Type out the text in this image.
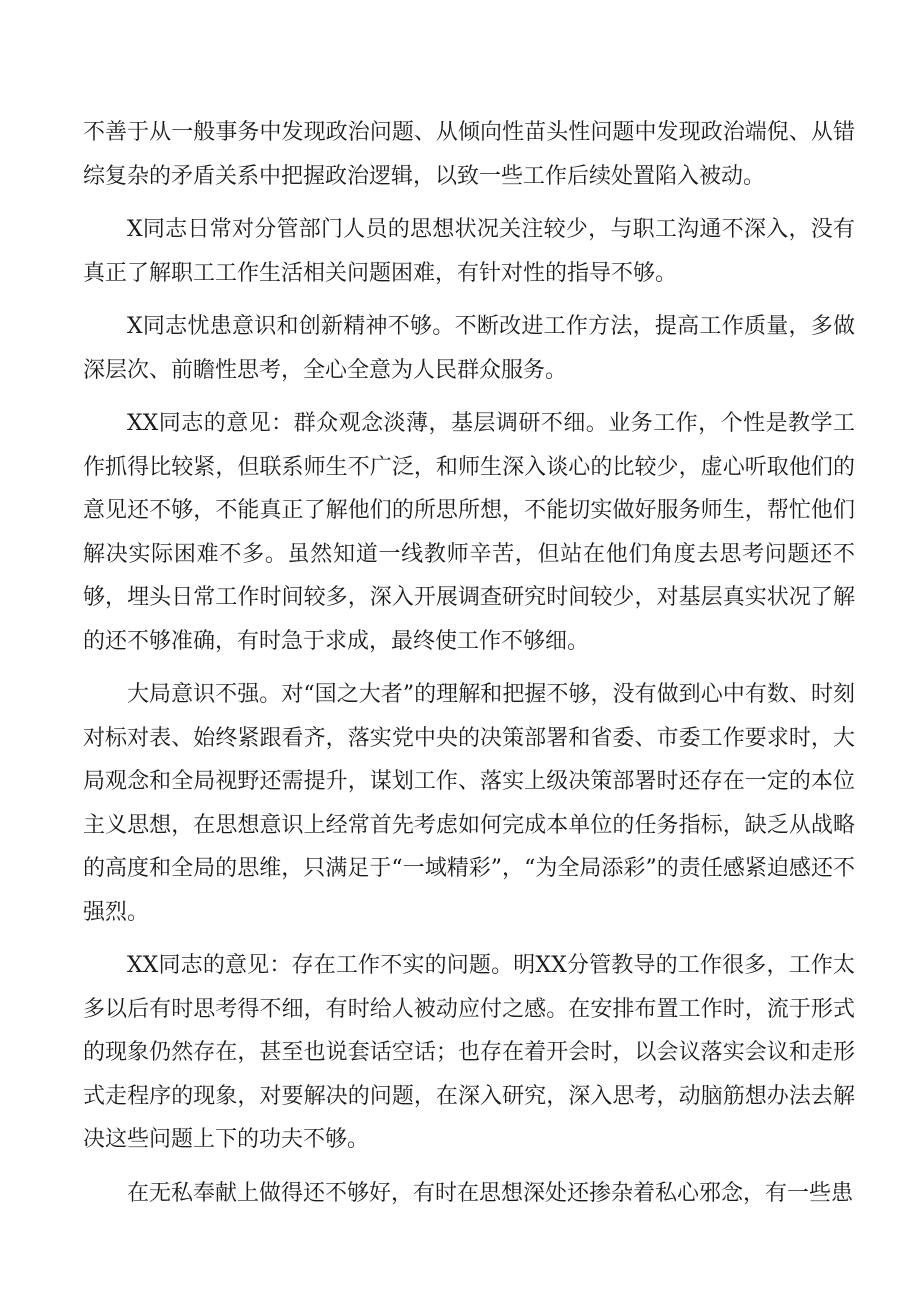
不善于从一般事务中发现政治问题、从倾向性苗头性问题中发现政治端倪、从错综复杂的矛盾关系中把握政治逻辑，以致一些工作后续处置陷入被动。

X同志日常对分管部门人员的思想状况关注较少，与职工沟通不深入，没有真正了解职工工作生活相关问题困难，有针对性的指导不够。

X同志忧患意识和创新精神不够。不断改进工作方法，提高工作质量，多做深层次、前瞻性思考，全心全意为人民群众服务。

XX同志的意见：群众观念淡薄，基层调研不细。业务工作，个性是教学工作抓得比较紧，但联系师生不广泛，和师生深入谈心的比较少，虚心听取他们的意见还不够，不能真正了解他们的所思所想，不能切实做好服务师生，帮忙他们解决实际困难不多。虽然知道一线教师辛苦，但站在他们角度去思考问题还不够，埋头日常工作时间较多，深入开展调查研究时间较少，对基层真实状况了解的还不够准确，有时急于求成，最终使工作不够细。

大局意识不强。对“国之大者”的理解和把握不够，没有做到心中有数、时刻对标对表、始终紧跟看齐，落实党中央的决策部署和省委、市委工作要求时，大局观念和全局视野还需提升，谋划工作、落实上级决策部署时还存在一定的本位主义思想，在思想意识上经常首先考虑如何完成本单位的任务指标，缺乏从战略的高度和全局的思维，只满足于“一域精彩”，“为全局添彩”的责任感紧迫感还不强烈。

XX同志的意见：存在工作不实的问题。明XX分管教导的工作很多，工作太多以后有时思考得不细，有时给人被动应付之感。在安排布置工作时，流于形式的现象仍然存在，甚至也说套话空话；也存在着开会时，以会议落实会议和走形式走程序的现象，对要解决的问题，在深入研究，深入思考，动脑筋想办法去解决这些问题上下的功夫不够。

在无私奉献上做得还不够好，有时在思想深处还掺杂着私心邪念，有一些患
